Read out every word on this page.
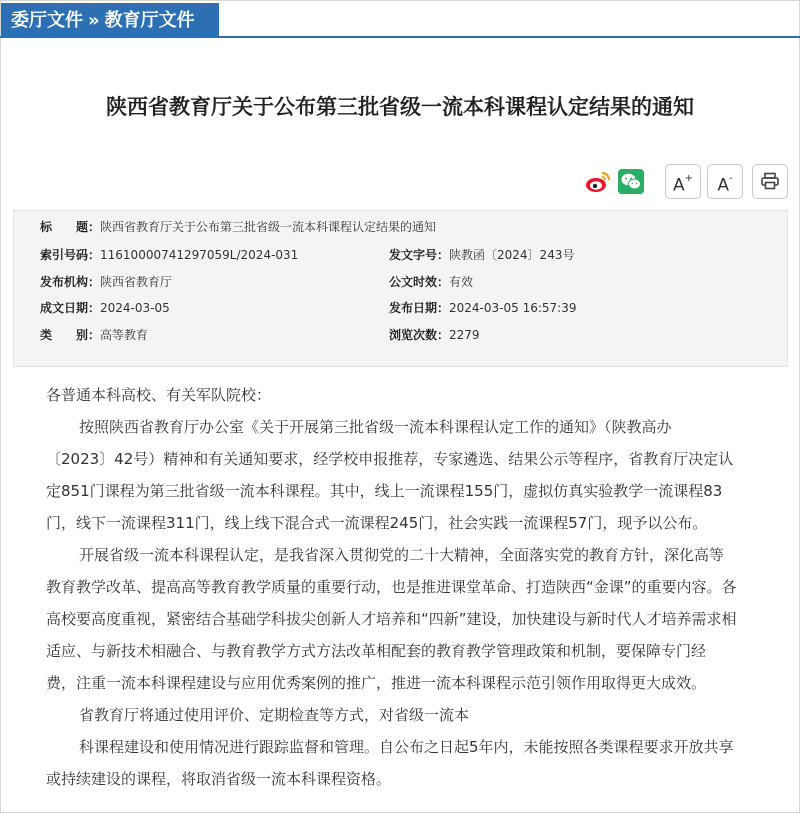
委厅文件 » 教育厅文件
陕西省教育厅关于公布第三批省级一流本科课程认定结果的通知
A+	A-
标　　题：陕西省教育厅关于公布第三批省级一流本科课程认定结果的通知
索引号码：11610000741297059L/2024-031	发文字号：陕教函〔2024〕243号
发布机构：陕西省教育厅	公文时效：有效
成文日期：2024-03-05	发布日期：2024-03-05 16:57:39
类　　别：高等教育	浏览次数：2279
各普通本科高校、有关军队院校：
按照陕西省教育厅办公室《关于开展第三批省级一流本科课程认定工作的通知》（陕教高办
〔2023〕42号）精神和有关通知要求，经学校申报推荐，专家遴选、结果公示等程序，省教育厅决定认
定851门课程为第三批省级一流本科课程。其中，线上一流课程155门，虚拟仿真实验教学一流课程83
门，线下一流课程311门，线上线下混合式一流课程245门，社会实践一流课程57门，现予以公布。
开展省级一流本科课程认定，是我省深入贯彻党的二十大精神，全面落实党的教育方针，深化高等
教育教学改革、提高高等教育教学质量的重要行动，也是推进课堂革命、打造陕西“金课”的重要内容。各
高校要高度重视，紧密结合基础学科拔尖创新人才培养和“四新”建设，加快建设与新时代人才培养需求相
适应、与新技术相融合、与教育教学方式方法改革相配套的教育教学管理政策和机制，要保障专门经
费，注重一流本科课程建设与应用优秀案例的推广，推进一流本科课程示范引领作用取得更大成效。
省教育厅将通过使用评价、定期检查等方式，对省级一流本
科课程建设和使用情况进行跟踪监督和管理。自公布之日起5年内，未能按照各类课程要求开放共享
或持续建设的课程，将取消省级一流本科课程资格。
